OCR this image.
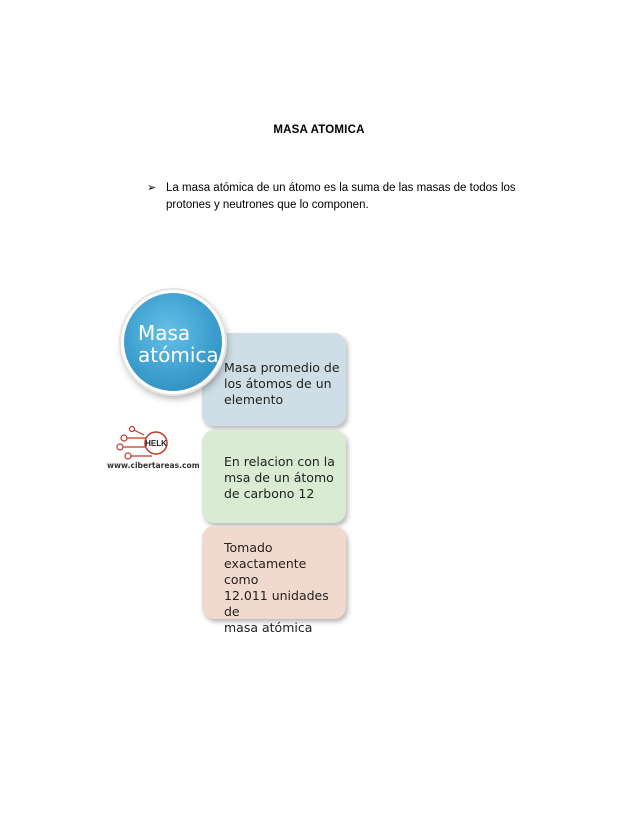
MASA ATOMICA
➢ La masa atómica de un átomo es la suma de las masas de todos los
protones y neutrones que lo componen.
Masa promedio de
los átomos de un
elemento
En relacion con la
msa de un átomo
de carbono 12
Tomado
exactamente como
12.011 unidades de
masa atómica
Masa
atómica
HELK
www.cibertareas.com
